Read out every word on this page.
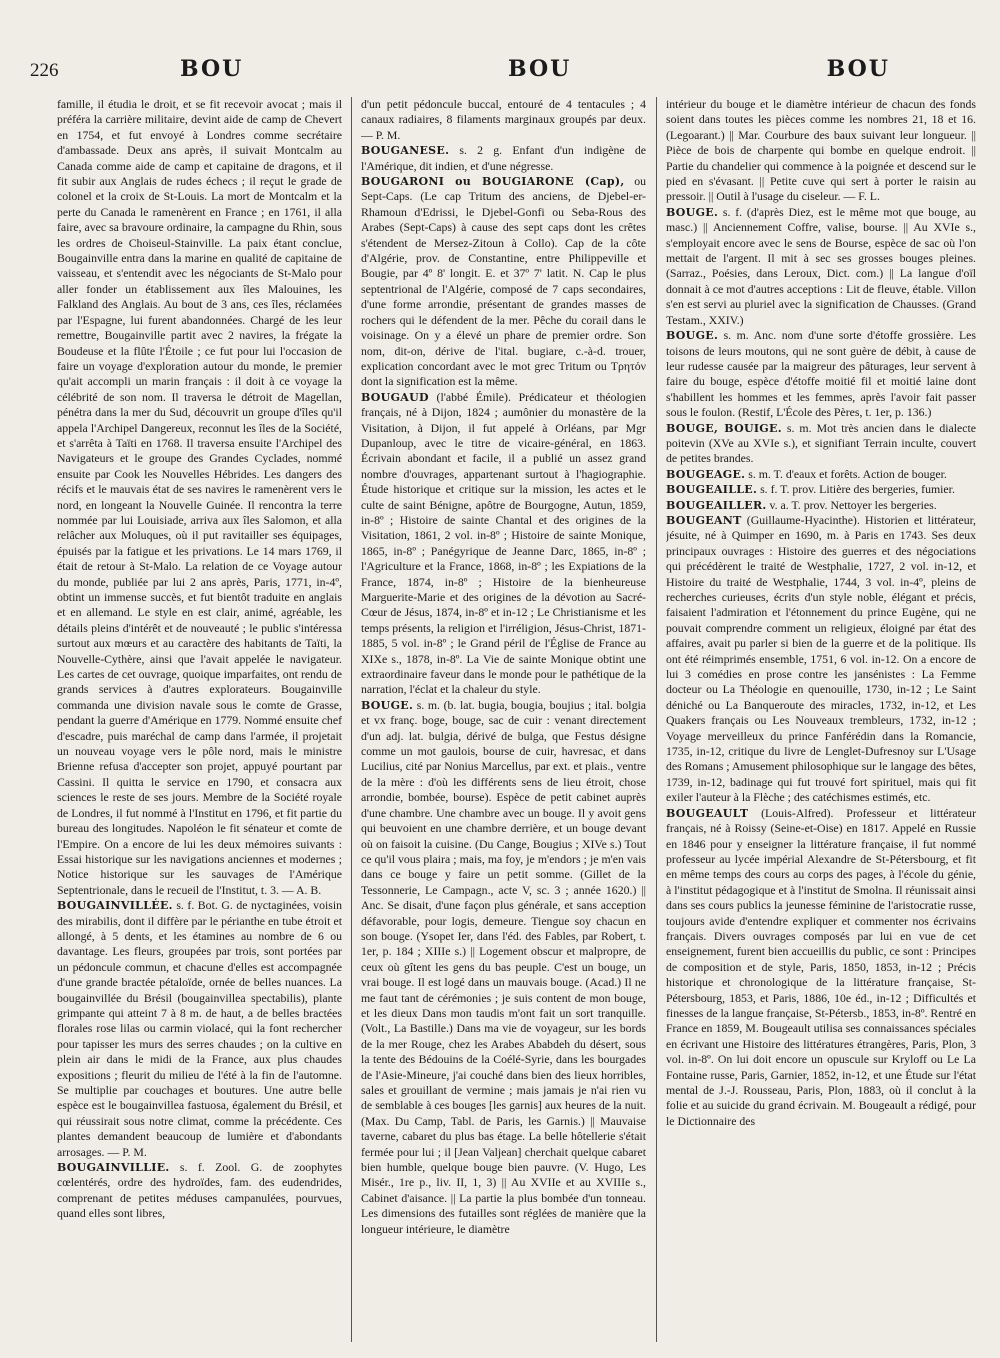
226	BOU	BOU	BOU

famille, il étudia le droit, et se fit recevoir avocat ; mais il préféra la carrière militaire, devint aide de camp de Chevert en 1754, et fut envoyé à Londres comme secrétaire d'ambassade. Deux ans après, il suivait Montcalm au Canada comme aide de camp et capitaine de dragons, et il fit subir aux Anglais de rudes échecs ; il reçut le grade de colonel et la croix de St-Louis. La mort de Montcalm et la perte du Canada le ramenèrent en France ; en 1761, il alla faire, avec sa bravoure ordinaire, la campagne du Rhin, sous les ordres de Choiseul-Stainville. La paix étant conclue, Bougainville entra dans la marine en qualité de capitaine de vaisseau, et s'entendit avec les négociants de St-Malo pour aller fonder un établissement aux îles Malouines, les Falkland des Anglais. Au bout de 3 ans, ces îles, réclamées par l'Espagne, lui furent abandonnées. Chargé de les leur remettre, Bougainville partit avec 2 navires, la frégate la Boudeuse et la flûte l'Étoile ; ce fut pour lui l'occasion de faire un voyage d'exploration autour du monde, le premier qu'ait accompli un marin français : il doit à ce voyage la célébrité de son nom. Il traversa le détroit de Magellan, pénétra dans la mer du Sud, découvrit un groupe d'îles qu'il appela l'Archipel Dangereux, reconnut les îles de la Société, et s'arrêta à Taïti en 1768. Il traversa ensuite l'Archipel des Navigateurs et le groupe des Grandes Cyclades, nommé ensuite par Cook les Nouvelles Hébrides. Les dangers des récifs et le mauvais état de ses navires le ramenèrent vers le nord, en longeant la Nouvelle Guinée. Il rencontra la terre nommée par lui Louisiade, arriva aux îles Salomon, et alla relâcher aux Moluques, où il put ravitailler ses équipages, épuisés par la fatigue et les privations. Le 14 mars 1769, il était de retour à St-Malo. La relation de ce Voyage autour du monde, publiée par lui 2 ans après, Paris, 1771, in-4º, obtint un immense succès, et fut bientôt traduite en anglais et en allemand. Le style en est clair, animé, agréable, les détails pleins d'intérêt et de nouveauté ; le public s'intéressa surtout aux mœurs et au caractère des habitants de Taïti, la Nouvelle-Cythère, ainsi que l'avait appelée le navigateur. Les cartes de cet ouvrage, quoique imparfaites, ont rendu de grands services à d'autres explorateurs. Bougainville commanda une division navale sous le comte de Grasse, pendant la guerre d'Amérique en 1779. Nommé ensuite chef d'escadre, puis maréchal de camp dans l'armée, il projetait un nouveau voyage vers le pôle nord, mais le ministre Brienne refusa d'accepter son projet, appuyé pourtant par Cassini. Il quitta le service en 1790, et consacra aux sciences le reste de ses jours. Membre de la Société royale de Londres, il fut nommé à l'Institut en 1796, et fit partie du bureau des longitudes. Napoléon le fit sénateur et comte de l'Empire. On a encore de lui les deux mémoires suivants : Essai historique sur les navigations anciennes et modernes ; Notice historique sur les sauvages de l'Amérique Septentrionale, dans le recueil de l'Institut, t. 3. — A. B.

BOUGAINVILLÉE. s. f. Bot. G. de nyctaginées, voisin des mirabilis, dont il diffère par le périanthe en tube étroit et allongé, à 5 dents, et les étamines au nombre de 6 ou davantage. Les fleurs, groupées par trois, sont portées par un pédoncule commun, et chacune d'elles est accompagnée d'une grande bractée pétaloïde, ornée de belles nuances. La bougainvillée du Brésil (bougainvillea spectabilis), plante grimpante qui atteint 7 à 8 m. de haut, a de belles bractées florales rose lilas ou carmin violacé, qui la font rechercher pour tapisser les murs des serres chaudes ; on la cultive en plein air dans le midi de la France, aux plus chaudes expositions ; fleurit du milieu de l'été à la fin de l'automne. Se multiplie par couchages et boutures. Une autre belle espèce est le bougainvillea fastuosa, également du Brésil, et qui réussirait sous notre climat, comme la précédente. Ces plantes demandent beaucoup de lumière et d'abondants arrosages. — P. M.

BOUGAINVILLIE. s. f. Zool. G. de zoophytes cœlentérés, ordre des hydroïdes, fam. des eudendrides, comprenant de petites méduses campanulées, pourvues, quand elles sont libres,

d'un petit pédoncule buccal, entouré de 4 tentacules ; 4 canaux radiaires, 8 filaments marginaux groupés par deux. — P. M.

BOUGANESE. s. 2 g. Enfant d'un indigène de l'Amérique, dit indien, et d'une négresse.

BOUGARONI ou BOUGIARONE (Cap), ou Sept-Caps. (Le cap Tritum des anciens, de Djebel-er-Rhamoun d'Edrissi, le Djebel-Gonfi ou Seba-Rous des Arabes (Sept-Caps) à cause des sept caps dont les crêtes s'étendent de Mersez-Zitoun à Collo). Cap de la côte d'Algérie, prov. de Constantine, entre Philippeville et Bougie, par 4º 8' longit. E. et 37º 7' latit. N. Cap le plus septentrional de l'Algérie, composé de 7 caps secondaires, d'une forme arrondie, présentant de grandes masses de rochers qui le défendent de la mer. Pêche du corail dans le voisinage. On y a élevé un phare de premier ordre. Son nom, dit-on, dérive de l'ital. bugiare, c.-à-d. trouer, explication concordant avec le mot grec Tritum ou Τρητόν dont la signification est la même.

BOUGAUD (l'abbé Émile). Prédicateur et théologien français, né à Dijon, 1824 ; aumônier du monastère de la Visitation, à Dijon, il fut appelé à Orléans, par Mgr Dupanloup, avec le titre de vicaire-général, en 1863. Écrivain abondant et facile, il a publié un assez grand nombre d'ouvrages, appartenant surtout à l'hagiographie. Étude historique et critique sur la mission, les actes et le culte de saint Bénigne, apôtre de Bourgogne, Autun, 1859, in-8º ; Histoire de sainte Chantal et des origines de la Visitation, 1861, 2 vol. in-8º ; Histoire de sainte Monique, 1865, in-8º ; Panégyrique de Jeanne Darc, 1865, in-8º ; l'Agriculture et la France, 1868, in-8º ; les Expiations de la France, 1874, in-8º ; Histoire de la bienheureuse Marguerite-Marie et des origines de la dévotion au Sacré-Cœur de Jésus, 1874, in-8º et in-12 ; Le Christianisme et les temps présents, la religion et l'irréligion, Jésus-Christ, 1871-1885, 5 vol. in-8º ; le Grand péril de l'Église de France au XIXe s., 1878, in-8º. La Vie de sainte Monique obtint une extraordinaire faveur dans le monde pour le pathétique de la narration, l'éclat et la chaleur du style.

BOUGE. s. m. (b. lat. bugia, bougia, boujius ; ital. bolgia et vx franç. boge, bouge, sac de cuir : venant directement d'un adj. lat. bulgia, dérivé de bulga, que Festus désigne comme un mot gaulois, bourse de cuir, havresac, et dans Lucilius, cité par Nonius Marcellus, par ext. et plais., ventre de la mère : d'où les différents sens de lieu étroit, chose arrondie, bombée, bourse). Espèce de petit cabinet auprès d'une chambre. Une chambre avec un bouge. Il y avoit gens qui beuvoient en une chambre derrière, et un bouge devant où on faisoit la cuisine. (Du Cange, Bougius ; XIVe s.) Tout ce qu'il vous plaira ; mais, ma foy, je m'endors ; je m'en vais dans ce bouge y faire un petit somme. (Gillet de la Tessonnerie, Le Campagn., acte V, sc. 3 ; année 1620.) || Anc. Se disait, d'une façon plus générale, et sans acception défavorable, pour logis, demeure. Tiengue soy chacun en son bouge. (Ysopet Ier, dans l'éd. des Fables, par Robert, t. 1er, p. 184 ; XIIIe s.) || Logement obscur et malpropre, de ceux où gîtent les gens du bas peuple. C'est un bouge, un vrai bouge. Il est logé dans un mauvais bouge. (Acad.) Il ne me faut tant de cérémonies ; je suis content de mon bouge, et les dieux Dans mon taudis m'ont fait un sort tranquille. (Volt., La Bastille.) Dans ma vie de voyageur, sur les bords de la mer Rouge, chez les Arabes Ababdeh du désert, sous la tente des Bédouins de la Coélé-Syrie, dans les bourgades de l'Asie-Mineure, j'ai couché dans bien des lieux horribles, sales et grouillant de vermine ; mais jamais je n'ai rien vu de semblable à ces bouges [les garnis] aux heures de la nuit. (Max. Du Camp, Tabl. de Paris, les Garnis.) || Mauvaise taverne, cabaret du plus bas étage. La belle hôtellerie s'était fermée pour lui ; il [Jean Valjean] cherchait quelque cabaret bien humble, quelque bouge bien pauvre. (V. Hugo, Les Misér., 1re p., liv. II, 1, 3) || Au XVIIe et au XVIIIe s., Cabinet d'aisance. || La partie la plus bombée d'un tonneau. Les dimensions des futailles sont réglées de manière que la longueur intérieure, le diamètre

intérieur du bouge et le diamètre intérieur de chacun des fonds soient dans toutes les pièces comme les nombres 21, 18 et 16. (Legoarant.) || Mar. Courbure des baux suivant leur longueur. || Pièce de bois de charpente qui bombe en quelque endroit. || Partie du chandelier qui commence à la poignée et descend sur le pied en s'évasant. || Petite cuve qui sert à porter le raisin au pressoir. || Outil à l'usage du ciseleur. — F. L.

BOUGE. s. f. (d'après Diez, est le même mot que bouge, au masc.) || Anciennement Coffre, valise, bourse. || Au XVIe s., s'employait encore avec le sens de Bourse, espèce de sac où l'on mettait de l'argent. Il mit à sec ses grosses bouges pleines. (Sarraz., Poésies, dans Leroux, Dict. com.) || La langue d'oïl donnait à ce mot d'autres acceptions : Lit de fleuve, étable. Villon s'en est servi au pluriel avec la signification de Chausses. (Grand Testam., XXIV.)

BOUGE. s. m. Anc. nom d'une sorte d'étoffe grossière. Les toisons de leurs moutons, qui ne sont guère de débit, à cause de leur rudesse causée par la maigreur des pâturages, leur servent à faire du bouge, espèce d'étoffe moitié fil et moitié laine dont s'habillent les hommes et les femmes, après l'avoir fait passer sous le foulon. (Restif, L'École des Pères, t. 1er, p. 136.)

BOUGE, BOUIGE. s. m. Mot très ancien dans le dialecte poitevin (XVe au XVIe s.), et signifiant Terrain inculte, couvert de petites brandes.

BOUGEAGE. s. m. T. d'eaux et forêts. Action de bouger.

BOUGEAILLE. s. f. T. prov. Litière des bergeries, fumier.

BOUGEAILLER. v. a. T. prov. Nettoyer les bergeries.

BOUGEANT (Guillaume-Hyacinthe). Historien et littérateur, jésuite, né à Quimper en 1690, m. à Paris en 1743. Ses deux principaux ouvrages : Histoire des guerres et des négociations qui précédèrent le traité de Westphalie, 1727, 2 vol. in-12, et Histoire du traité de Westphalie, 1744, 3 vol. in-4º, pleins de recherches curieuses, écrits d'un style noble, élégant et précis, faisaient l'admiration et l'étonnement du prince Eugène, qui ne pouvait comprendre comment un religieux, éloigné par état des affaires, avait pu parler si bien de la guerre et de la politique. Ils ont été réimprimés ensemble, 1751, 6 vol. in-12. On a encore de lui 3 comédies en prose contre les jansénistes : La Femme docteur ou La Théologie en quenouille, 1730, in-12 ; Le Saint déniché ou La Banqueroute des miracles, 1732, in-12, et Les Quakers français ou Les Nouveaux trembleurs, 1732, in-12 ; Voyage merveilleux du prince Fanférédin dans la Romancie, 1735, in-12, critique du livre de Lenglet-Dufresnoy sur L'Usage des Romans ; Amusement philosophique sur le langage des bêtes, 1739, in-12, badinage qui fut trouvé fort spirituel, mais qui fit exiler l'auteur à la Flèche ; des catéchismes estimés, etc.

BOUGEAULT (Louis-Alfred). Professeur et littérateur français, né à Roissy (Seine-et-Oise) en 1817. Appelé en Russie en 1846 pour y enseigner la littérature française, il fut nommé professeur au lycée impérial Alexandre de St-Pétersbourg, et fit en même temps des cours au corps des pages, à l'école du génie, à l'institut pédagogique et à l'institut de Smolna. Il réunissait ainsi dans ses cours publics la jeunesse féminine de l'aristocratie russe, toujours avide d'entendre expliquer et commenter nos écrivains français. Divers ouvrages composés par lui en vue de cet enseignement, furent bien accueillis du public, ce sont : Principes de composition et de style, Paris, 1850, 1853, in-12 ; Précis historique et chronologique de la littérature française, St-Pétersbourg, 1853, et Paris, 1886, 10e éd., in-12 ; Difficultés et finesses de la langue française, St-Pétersb., 1853, in-8º. Rentré en France en 1859, M. Bougeault utilisa ses connaissances spéciales en écrivant une Histoire des littératures étrangères, Paris, Plon, 3 vol. in-8º. On lui doit encore un opuscule sur Kryloff ou Le La Fontaine russe, Paris, Garnier, 1852, in-12, et une Étude sur l'état mental de J.-J. Rousseau, Paris, Plon, 1883, où il conclut à la folie et au suicide du grand écrivain. M. Bougeault a rédigé, pour le Dictionnaire des
